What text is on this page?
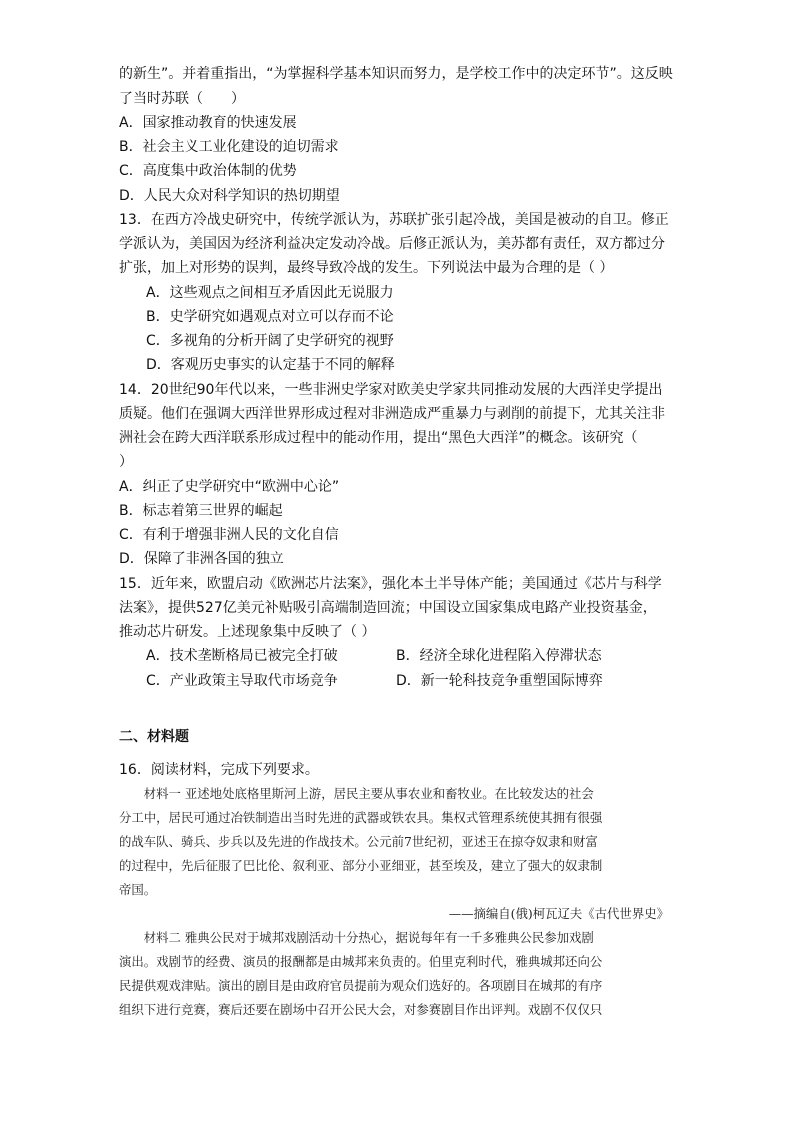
的新生”。并着重指出，“为掌握科学基本知识而努力，是学校工作中的决定环节”。这反映
了当时苏联（　　）
A．国家推动教育的快速发展
B．社会主义工业化建设的迫切需求
C．高度集中政治体制的优势
D．人民大众对科学知识的热切期望
13．在西方冷战史研究中，传统学派认为，苏联扩张引起冷战，美国是被动的自卫。修正
学派认为，美国因为经济利益决定发动冷战。后修正派认为，美苏都有责任，双方都过分
扩张，加上对形势的误判，最终导致冷战的发生。下列说法中最为合理的是（ ）
A．这些观点之间相互矛盾因此无说服力
B．史学研究如遇观点对立可以存而不论
C．多视角的分析开阔了史学研究的视野
D．客观历史事实的认定基于不同的解释
14．20世纪90年代以来，一些非洲史学家对欧美史学家共同推动发展的大西洋史学提出
质疑。他们在强调大西洋世界形成过程对非洲造成严重暴力与剥削的前提下，尤其关注非
洲社会在跨大西洋联系形成过程中的能动作用，提出“黑色大西洋”的概念。该研究（
）
A．纠正了史学研究中“欧洲中心论”
B．标志着第三世界的崛起
C．有利于增强非洲人民的文化自信
D．保障了非洲各国的独立
15．近年来，欧盟启动《欧洲芯片法案》，强化本土半导体产能；美国通过《芯片与科学
法案》，提供527亿美元补贴吸引高端制造回流；中国设立国家集成电路产业投资基金，
推动芯片研发。上述现象集中反映了（ ）
A．技术垄断格局已被完全打破	B．经济全球化进程陷入停滞状态
C．产业政策主导取代市场竞争	D．新一轮科技竞争重塑国际博弈
二、材料题
16．阅读材料，完成下列要求。
　　材料一 亚述地处底格里斯河上游，居民主要从事农业和畜牧业。在比较发达的社会
分工中，居民可通过冶铁制造出当时先进的武器或铁农具。集权式管理系统使其拥有很强
的战车队、骑兵、步兵以及先进的作战技术。公元前7世纪初，亚述王在掠夺奴隶和财富
的过程中，先后征服了巴比伦、叙利亚、部分小亚细亚，甚至埃及，建立了强大的奴隶制
帝国。
——摘编自(俄)柯瓦辽夫《古代世界史》
　　材料二 雅典公民对于城邦戏剧活动十分热心，据说每年有一千多雅典公民参加戏剧
演出。戏剧节的经费、演员的报酬都是由城邦来负责的。伯里克利时代，雅典城邦还向公
民提供观戏津贴。演出的剧目是由政府官员提前为观众们选好的。各项剧目在城邦的有序
组织下进行竞赛，赛后还要在剧场中召开公民大会，对参赛剧目作出评判。戏剧不仅仅只
